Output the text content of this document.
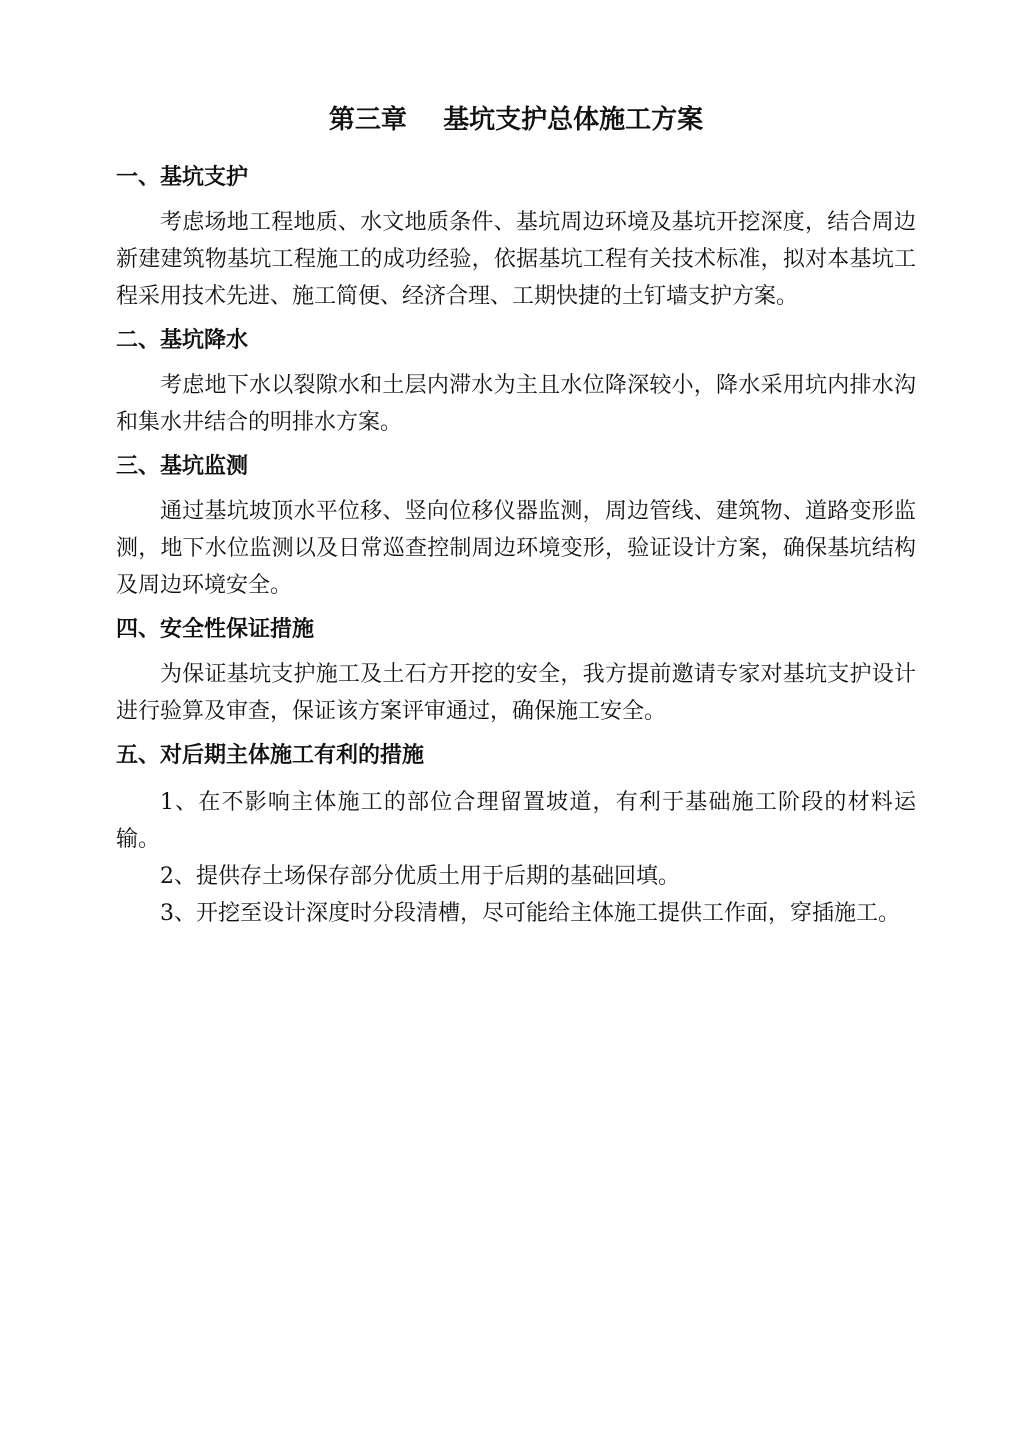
第三章    基坑支护总体施工方案
一、基坑支护

考虑场地工程地质、水文地质条件、基坑周边环境及基坑开挖深度，结合周边新建建筑物基坑工程施工的成功经验，依据基坑工程有关技术标准，拟对本基坑工程采用技术先进、施工简便、经济合理、工期快捷的土钉墙支护方案。

二、基坑降水

考虑地下水以裂隙水和土层内滞水为主且水位降深较小，降水采用坑内排水沟和集水井结合的明排水方案。

三、基坑监测

通过基坑坡顶水平位移、竖向位移仪器监测，周边管线、建筑物、道路变形监测，地下水位监测以及日常巡查控制周边环境变形，验证设计方案，确保基坑结构及周边环境安全。

四、安全性保证措施

为保证基坑支护施工及土石方开挖的安全，我方提前邀请专家对基坑支护设计进行验算及审查，保证该方案评审通过，确保施工安全。

五、对后期主体施工有利的措施

1、在不影响主体施工的部位合理留置坡道，有利于基础施工阶段的材料运输。

2、提供存土场保存部分优质土用于后期的基础回填。

3、开挖至设计深度时分段清槽，尽可能给主体施工提供工作面，穿插施工。
